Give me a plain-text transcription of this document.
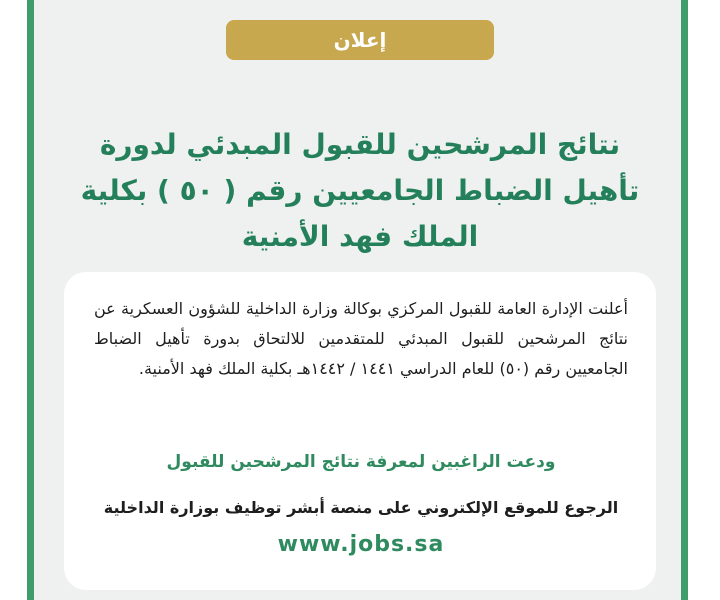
إعلان
نتائج المرشحين للقبول المبدئي لدورة تأهيل الضباط الجامعيين رقم ( ٥٠ ) بكلية الملك فهد الأمنية

أعلنت الإدارة العامة للقبول المركزي بوكالة وزارة الداخلية للشؤون العسكرية عن نتائج المرشحين للقبول المبدئي للمتقدمين للالتحاق بدورة تأهيل الضباط الجامعيين رقم (٥٠) للعام الدراسي ١٤٤١ / ١٤٤٢هـ بكلية الملك فهد الأمنية.

ودعت الراغبين لمعرفة نتائج المرشحين للقبول

الرجوع للموقع الإلكتروني على منصة أبشر توظيف بوزارة الداخلية

www.jobs.sa
